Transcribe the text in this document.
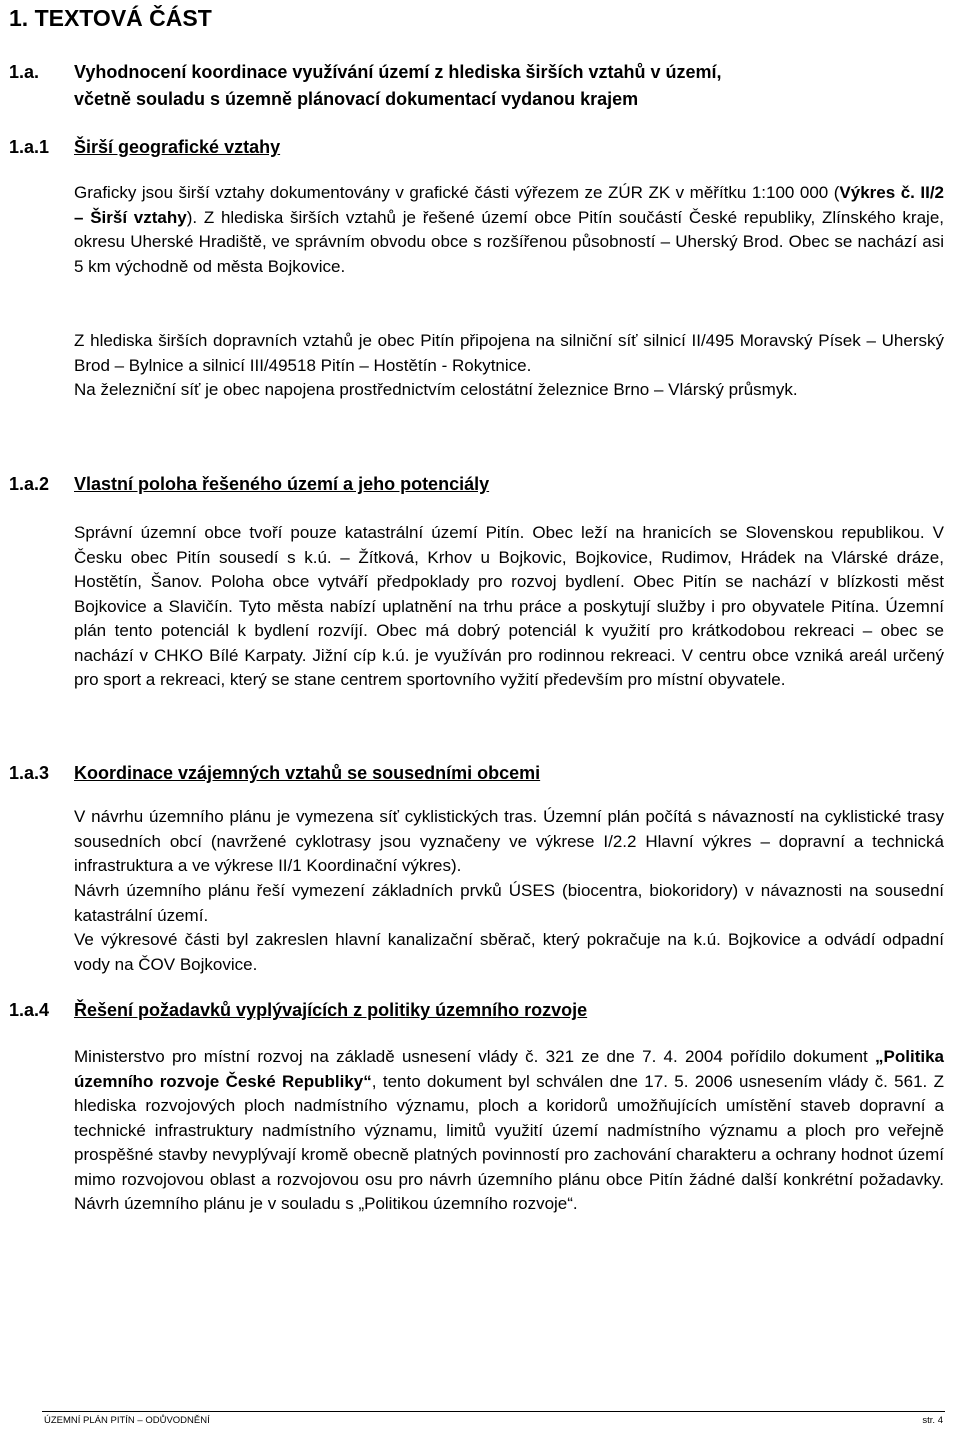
1. TEXTOVÁ ČÁST
1.a. Vyhodnocení koordinace využívání území z hlediska širších vztahů v území,
včetně souladu s územně plánovací dokumentací vydanou krajem
1.a.1 Širší geografické vztahy
Graficky jsou širší vztahy dokumentovány v grafické části výřezem ze ZÚR ZK v měřítku 1:100 000 (Výkres č. II/2 – Širší vztahy). Z hlediska širších vztahů je řešené území obce Pitín součástí České republiky, Zlínského kraje, okresu Uherské Hradiště, ve správním obvodu obce s rozšířenou působností – Uherský Brod. Obec se nachází asi 5 km východně od města Bojkovice.
Z hlediska širších dopravních vztahů je obec Pitín připojena na silniční síť silnicí II/495 Moravský Písek – Uherský Brod – Bylnice a silnicí III/49518 Pitín – Hostětín - Rokytnice.
Na železniční síť je obec napojena prostřednictvím celostátní železnice Brno – Vlárský průsmyk.
1.a.2 Vlastní poloha řešeného území a jeho potenciály
Správní územní obce tvoří pouze katastrální území Pitín. Obec leží na hranicích se Slovenskou republikou. V Česku obec Pitín sousedí s k.ú. – Žítková, Krhov u Bojkovic, Bojkovice, Rudimov, Hrádek na Vlárské dráze, Hostětín, Šanov. Poloha obce vytváří předpoklady pro rozvoj bydlení. Obec Pitín se nachází v blízkosti měst Bojkovice a Slavičín. Tyto města nabízí uplatnění na trhu práce a poskytují služby i pro obyvatele Pitína. Územní plán tento potenciál k bydlení rozvíjí. Obec má dobrý potenciál k využití pro krátkodobou rekreaci – obec se nachází v CHKO Bílé Karpaty. Jižní cíp k.ú. je využíván pro rodinnou rekreaci. V centru obce vzniká areál určený pro sport a rekreaci, který se stane centrem sportovního vyžití především pro místní obyvatele.
1.a.3 Koordinace vzájemných vztahů se sousedními obcemi
V návrhu územního plánu je vymezena síť cyklistických tras. Územní plán počítá s návazností na cyklistické trasy sousedních obcí (navržené cyklotrasy jsou vyznačeny ve výkrese I/2.2 Hlavní výkres – dopravní a technická infrastruktura a ve výkrese II/1 Koordinační výkres).
Návrh územního plánu řeší vymezení základních prvků ÚSES (biocentra, biokoridory) v návaznosti na sousední katastrální území.
Ve výkresové části byl zakreslen hlavní kanalizační sběrač, který pokračuje na k.ú. Bojkovice a odvádí odpadní vody na ČOV Bojkovice.
1.a.4 Řešení požadavků vyplývajících z politiky územního rozvoje
Ministerstvo pro místní rozvoj na základě usnesení vlády č. 321 ze dne 7. 4. 2004 pořídilo dokument „Politika územního rozvoje České Republiky“, tento dokument byl schválen dne 17. 5. 2006 usnesením vlády č. 561. Z hlediska rozvojových ploch nadmístního významu, ploch a koridorů umožňujících umístění staveb dopravní a technické infrastruktury nadmístního významu, limitů využití území nadmístního významu a ploch pro veřejně prospěšné stavby nevyplývají kromě obecně platných povinností pro zachování charakteru a ochrany hodnot území mimo rozvojovou oblast a rozvojovou osu pro návrh územního plánu obce Pitín žádné další konkrétní požadavky. Návrh územního plánu je v souladu s „Politikou územního rozvoje“.
ÚZEMNÍ PLÁN PITÍN – ODŮVODNĚNÍ	str. 4
